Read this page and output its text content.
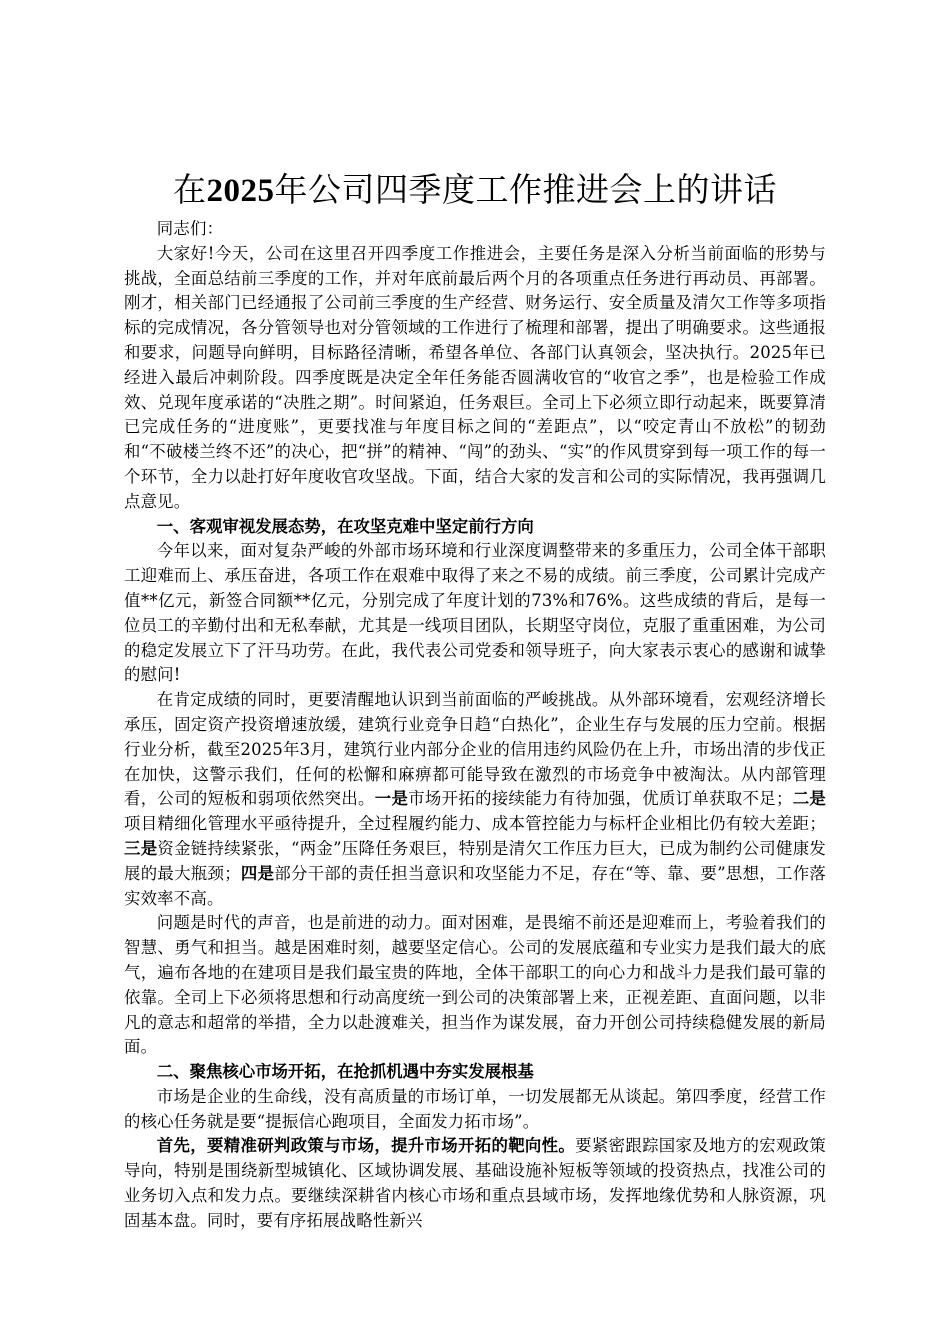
在2025年公司四季度工作推进会上的讲话

同志们：

大家好!今天，公司在这里召开四季度工作推进会，主要任务是深入分析当前面临的形势与挑战，全面总结前三季度的工作，并对年底前最后两个月的各项重点任务进行再动员、再部署。刚才，相关部门已经通报了公司前三季度的生产经营、财务运行、安全质量及清欠工作等多项指标的完成情况，各分管领导也对分管领域的工作进行了梳理和部署，提出了明确要求。这些通报和要求，问题导向鲜明，目标路径清晰，希望各单位、各部门认真领会，坚决执行。2025年已经进入最后冲刺阶段。四季度既是决定全年任务能否圆满收官的“收官之季”，也是检验工作成效、兑现年度承诺的“决胜之期”。时间紧迫，任务艰巨。全司上下必须立即行动起来，既要算清已完成任务的“进度账”，更要找准与年度目标之间的“差距点”，以“咬定青山不放松”的韧劲和“不破楼兰终不还”的决心，把“拼”的精神、“闯”的劲头、“实”的作风贯穿到每一项工作的每一个环节，全力以赴打好年度收官攻坚战。下面，结合大家的发言和公司的实际情况，我再强调几点意见。

一、客观审视发展态势，在攻坚克难中坚定前行方向

今年以来，面对复杂严峻的外部市场环境和行业深度调整带来的多重压力，公司全体干部职工迎难而上、承压奋进，各项工作在艰难中取得了来之不易的成绩。前三季度，公司累计完成产值**亿元，新签合同额**亿元，分别完成了年度计划的73%和76%。这些成绩的背后，是每一位员工的辛勤付出和无私奉献，尤其是一线项目团队，长期坚守岗位，克服了重重困难，为公司的稳定发展立下了汗马功劳。在此，我代表公司党委和领导班子，向大家表示衷心的感谢和诚挚的慰问!

在肯定成绩的同时，更要清醒地认识到当前面临的严峻挑战。从外部环境看，宏观经济增长承压，固定资产投资增速放缓，建筑行业竞争日趋“白热化”，企业生存与发展的压力空前。根据行业分析，截至2025年3月，建筑行业内部分企业的信用违约风险仍在上升，市场出清的步伐正在加快，这警示我们，任何的松懈和麻痹都可能导致在激烈的市场竞争中被淘汰。从内部管理看，公司的短板和弱项依然突出。一是市场开拓的接续能力有待加强，优质订单获取不足；二是项目精细化管理水平亟待提升，全过程履约能力、成本管控能力与标杆企业相比仍有较大差距；三是资金链持续紧张，“两金”压降任务艰巨，特别是清欠工作压力巨大，已成为制约公司健康发展的最大瓶颈；四是部分干部的责任担当意识和攻坚能力不足，存在“等、靠、要”思想，工作落实效率不高。

问题是时代的声音，也是前进的动力。面对困难，是畏缩不前还是迎难而上，考验着我们的智慧、勇气和担当。越是困难时刻，越要坚定信心。公司的发展底蕴和专业实力是我们最大的底气，遍布各地的在建项目是我们最宝贵的阵地，全体干部职工的向心力和战斗力是我们最可靠的依靠。全司上下必须将思想和行动高度统一到公司的决策部署上来，正视差距、直面问题，以非凡的意志和超常的举措，全力以赴渡难关，担当作为谋发展，奋力开创公司持续稳健发展的新局面。

二、聚焦核心市场开拓，在抢抓机遇中夯实发展根基

市场是企业的生命线，没有高质量的市场订单，一切发展都无从谈起。第四季度，经营工作的核心任务就是要“提振信心跑项目，全面发力拓市场”。

首先，要精准研判政策与市场，提升市场开拓的靶向性。要紧密跟踪国家及地方的宏观政策导向，特别是围绕新型城镇化、区域协调发展、基础设施补短板等领域的投资热点，找准公司的业务切入点和发力点。要继续深耕省内核心市场和重点县域市场，发挥地缘优势和人脉资源，巩固基本盘。同时，要有序拓展战略性新兴
